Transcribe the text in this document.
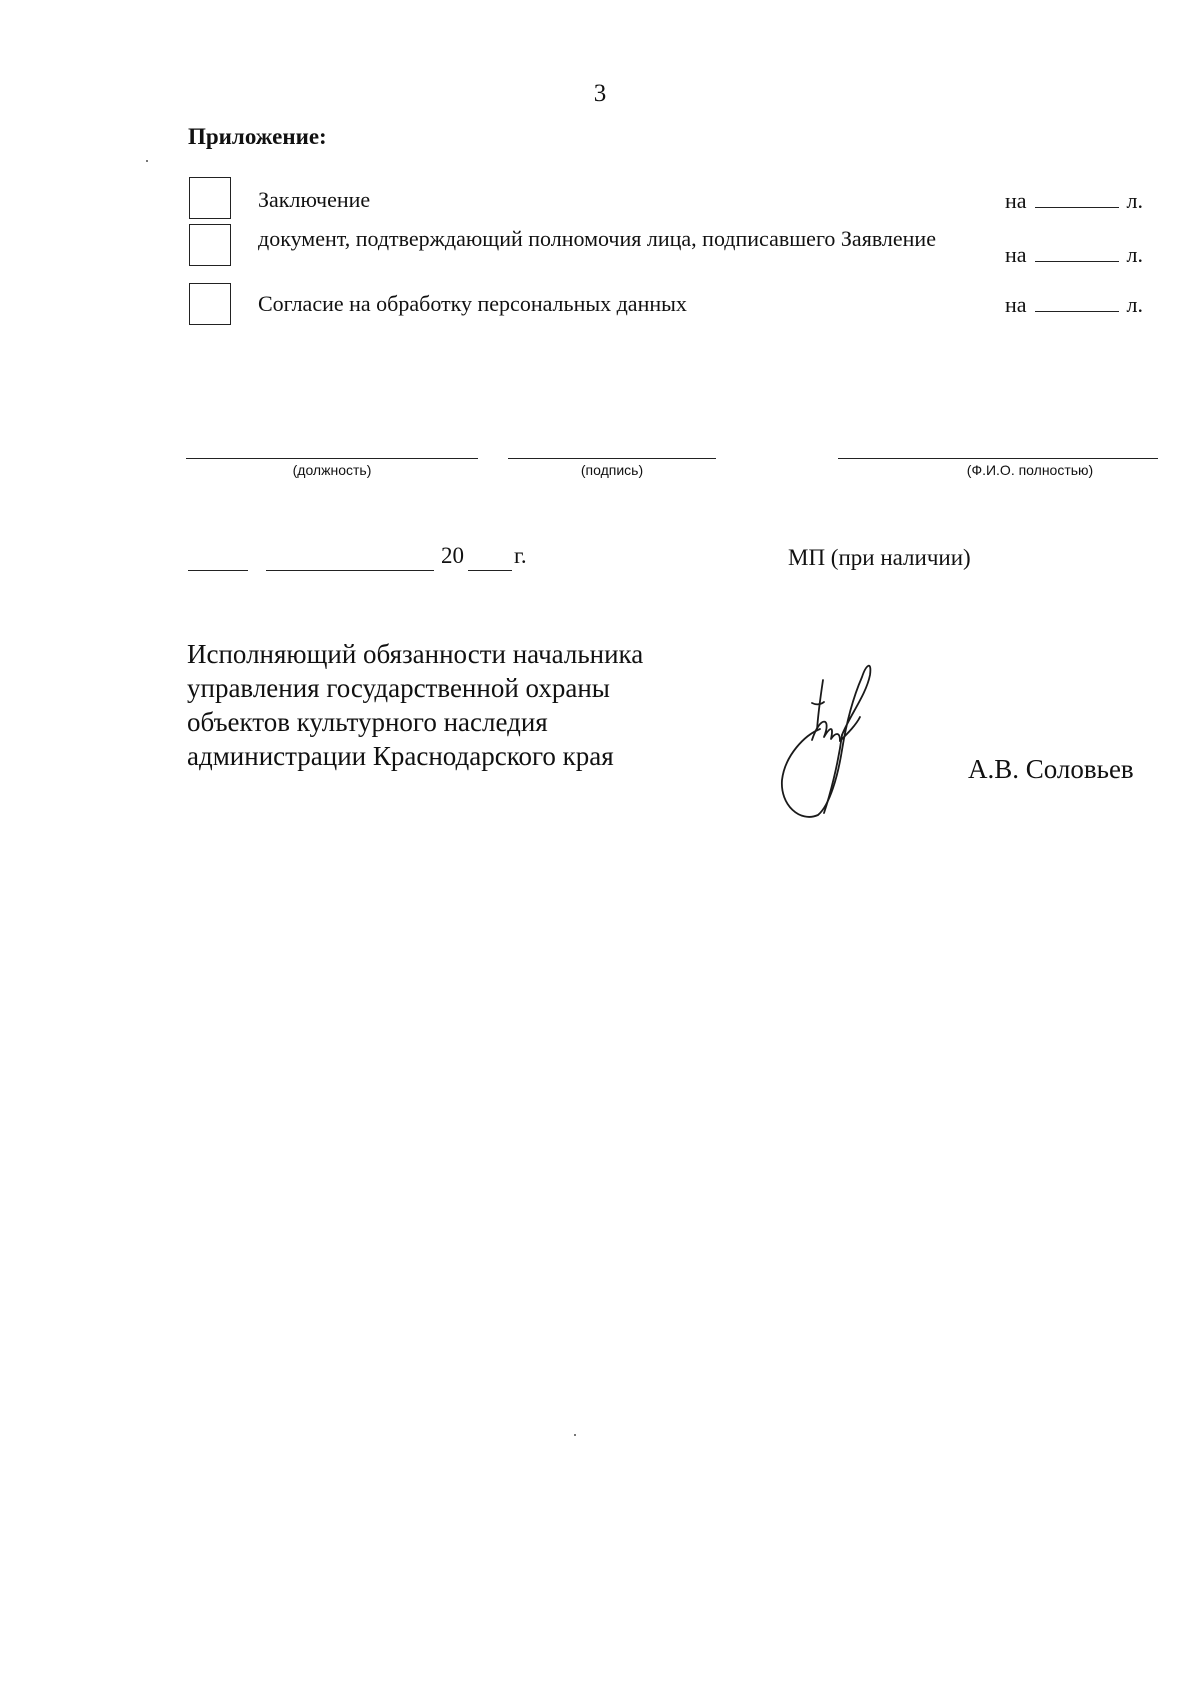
3
Приложение:
Заключение	на	л.
документ, подтверждающий полномочия лица, подписавшего Заявление
на	л.
Согласие на обработку персональных данных	на	л.
(должность)	(подпись)	(Ф.И.О. полностью)
20 г.	МП (при наличии)
Исполняющий обязанности начальника
управления государственной охраны
объектов культурного наследия
администрации Краснодарского края	А.В. Соловьев
